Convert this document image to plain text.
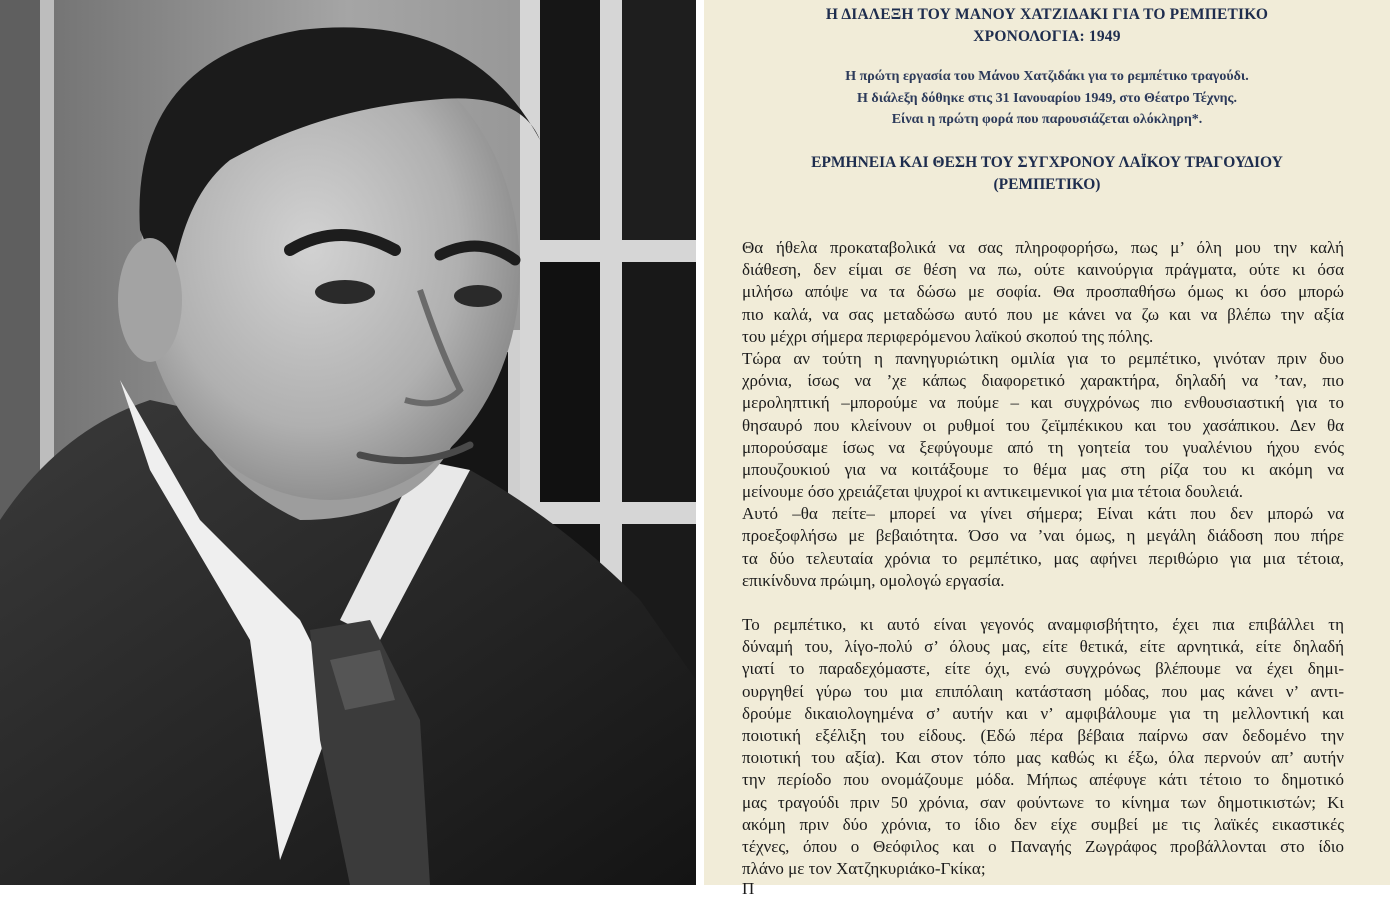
Η ΔΙΑΛΕΞΗ ΤΟΥ ΜΑΝΟΥ ΧΑΤΖΙΔΑΚΙ ΓΙΑ ΤΟ ΡΕΜΠΕΤΙΚΟ
ΧΡΟΝΟΛΟΓΙΑ: 1949
Η πρώτη εργασία του Μάνου Χατζιδάκι για το ρεμπέτικο τραγούδι.
Η διάλεξη δόθηκε στις 31 Ιανουαρίου 1949, στο Θέατρο Τέχνης.
Είναι η πρώτη φορά που παρουσιάζεται ολόκληρη*.
ΕΡΜΗΝΕΙΑ ΚΑΙ ΘΕΣΗ ΤΟΥ ΣΥΓΧΡΟΝΟΥ ΛΑΪΚΟΥ ΤΡΑΓΟΥΔΙΟΥ
(ΡΕΜΠΕΤΙΚΟ)
Θα ήθελα προκαταβολικά να σας πληροφορήσω, πως μ’ όλη μου την καλή
διάθεση, δεν είμαι σε θέση να πω, ούτε καινούργια πράγματα, ούτε κι όσα
μιλήσω απόψε να τα δώσω με σοφία. Θα προσπαθήσω όμως κι όσο μπορώ
πιο καλά, να σας μεταδώσω αυτό που με κάνει να ζω και να βλέπω την αξία
του μέχρι σήμερα περιφερόμενου λαϊκού σκοπού της πόλης.
Τώρα αν τούτη η πανηγυριώτικη ομιλία για το ρεμπέτικο, γινόταν πριν δυο
χρόνια, ίσως να ’χε κάπως διαφορετικό χαρακτήρα, δηλαδή να ’ταν, πιο
μεροληπτική –μπορούμε να πούμε – και συγχρόνως πιο ενθουσιαστική για το
θησαυρό που κλείνουν οι ρυθμοί του ζεϊμπέκικου και του χασάπικου. Δεν θα
μπορούσαμε ίσως να ξεφύγουμε από τη γοητεία του γυαλένιου ήχου ενός
μπουζουκιού για να κοιτάξουμε το θέμα μας στη ρίζα του κι ακόμη να
μείνουμε όσο χρειάζεται ψυχροί κι αντικειμενικοί για μια τέτοια δουλειά.
Αυτό –θα πείτε– μπορεί να γίνει σήμερα; Είναι κάτι που δεν μπορώ να
προεξοφλήσω με βεβαιότητα. Όσο να ’ναι όμως, η μεγάλη διάδοση που πήρε
τα δύο τελευταία χρόνια το ρεμπέτικο, μας αφήνει περιθώριο για μια τέτοια,
επικίνδυνα πρώιμη, ομολογώ εργασία.
Το ρεμπέτικο, κι αυτό είναι γεγονός αναμφισβήτητο, έχει πια επιβάλλει τη
δύναμή του, λίγο-πολύ σ’ όλους μας, είτε θετικά, είτε αρνητικά, είτε δηλαδή
γιατί το παραδεχόμαστε, είτε όχι, ενώ συγχρόνως βλέπουμε να έχει δημι-
ουργηθεί γύρω του μια επιπόλαιη κατάσταση μόδας, που μας κάνει ν’ αντι-
δρούμε δικαιολογημένα σ’ αυτήν και ν’ αμφιβάλουμε για τη μελλοντική και
ποιοτική εξέλιξη του είδους. (Εδώ πέρα βέβαια παίρνω σαν δεδομένο την
ποιοτική του αξία). Και στον τόπο μας καθώς κι έξω, όλα περνούν απ’ αυτήν
την περίοδο που ονομάζουμε μόδα. Μήπως απέφυγε κάτι τέτοιο το δημοτικό
μας τραγούδι πριν 50 χρόνια, σαν φούντωνε το κίνημα των δημοτικιστών; Κι
ακόμη πριν δύο χρόνια, το ίδιο δεν είχε συμβεί με τις λαϊκές εικαστικές
τέχνες, όπου ο Θεόφιλος και ο Παναγής Ζωγράφος προβάλλονται στο ίδιο
πλάνο με τον Χατζηκυριάκο-Γκίκα;
Π
